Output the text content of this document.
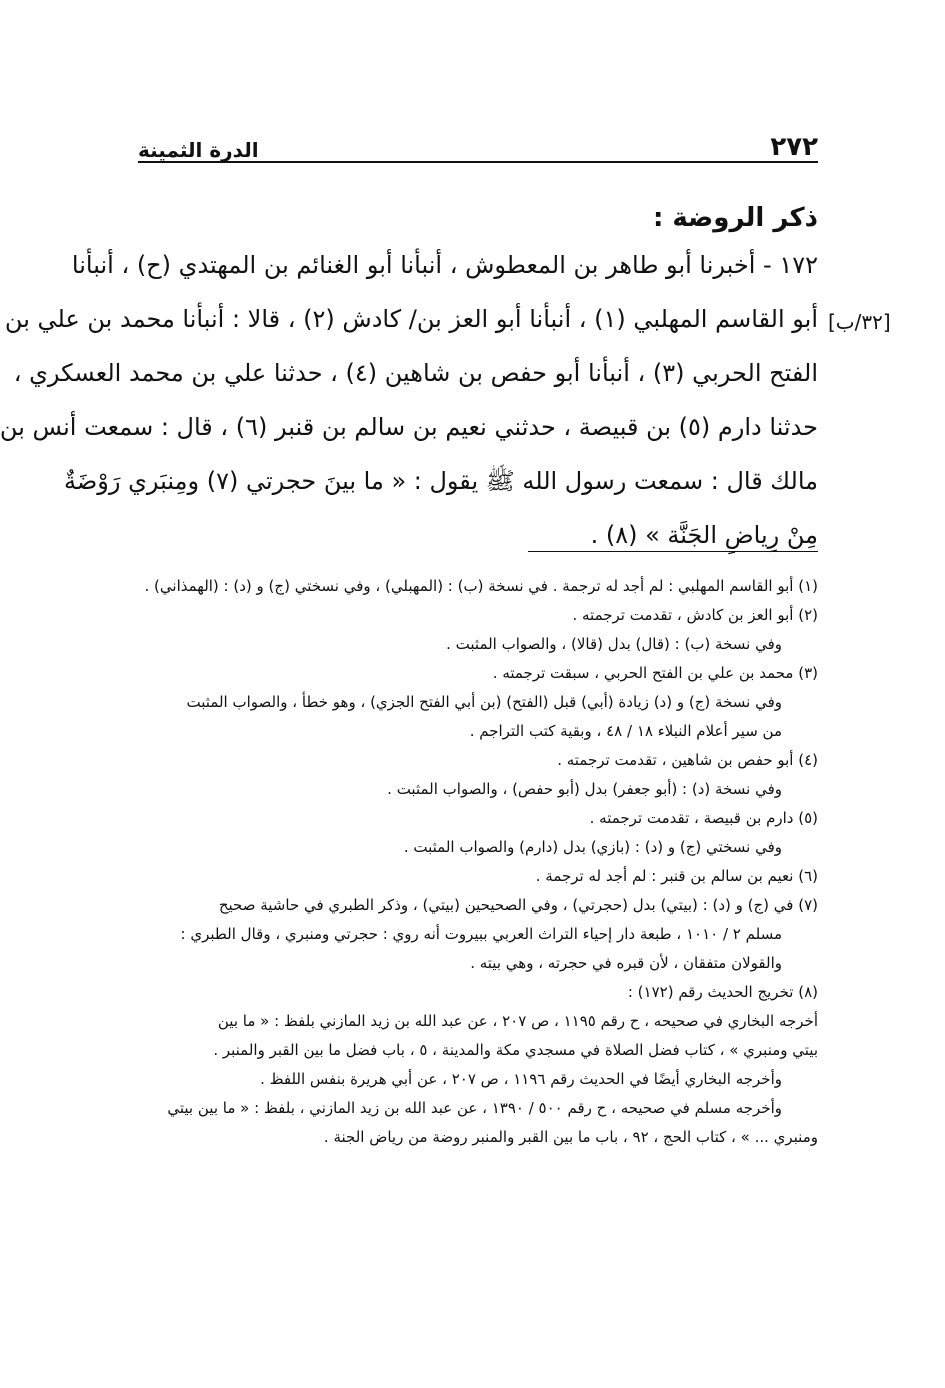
٢٧٢
الدرة الثمينة
[٣٢/ب]
ذكر الروضة :
١٧٢ - أخبرنا أبو طاهر بن المعطوش ، أنبأنا أبو الغنائم بن المهتدي (ح) ، أنبأنا
أبو القاسم المهلبي (١) ، أنبأنا أبو العز بن/ كادش (٢) ، قالا : أنبأنا محمد بن علي بن
الفتح الحربي (٣) ، أنبأنا أبو حفص بن شاهين (٤) ، حدثنا علي بن محمد العسكري ،
حدثنا دارم (٥) بن قبيصة ، حدثني نعيم بن سالم بن قنبر (٦) ، قال : سمعت أنس بن
مالك قال : سمعت رسول الله ﷺ يقول : « ما بينَ حجرتي (٧) ومِنبَري رَوْضَةٌ
مِنْ رِياضِ الجَنَّة » (٨) .
(١) أبو القاسم المهلبي : لم أجد له ترجمة . في نسخة (ب) : (المهبلي) ، وفي نسختي (ج) و (د) : (الهمذاني) .
(٢) أبو العز بن كادش ، تقدمت ترجمته .
وفي نسخة (ب) : (قال) بدل (قالا) ، والصواب المثبت .
(٣) محمد بن علي بن الفتح الحربي ، سبقت ترجمته .
وفي نسخة (ج) و (د) زيادة (أبي) قبل (الفتح) (بن أبي الفتح الجزي) ، وهو خطأ ، والصواب المثبت
من سير أعلام النبلاء ١٨ / ٤٨ ، وبقية كتب التراجم .
(٤) أبو حفص بن شاهين ، تقدمت ترجمته .
وفي نسخة (د) : (أبو جعفر) بدل (أبو حفص) ، والصواب المثبت .
(٥) دارم بن قبيصة ، تقدمت ترجمته .
وفي نسختي (ج) و (د) : (بازي) بدل (دارم) والصواب المثبت .
(٦) نعيم بن سالم بن قنبر : لم أجد له ترجمة .
(٧) في (ج) و (د) : (بيتي) بدل (حجرتي) ، وفي الصحيحين (بيتي) ، وذكر الطبري في حاشية صحيح
مسلم ٢ / ١٠١٠ ، طبعة دار إحياء التراث العربي ببيروت أنه روي : حجرتي ومنبري ، وقال الطبري :
والقولان متفقان ، لأن قبره في حجرته ، وهي بيته .
(٨) تخريج الحديث رقم (١٧٢) :
أخرجه البخاري في صحيحه ، ح رقم ١١٩٥ ، ص ٢٠٧ ، عن عبد الله بن زيد المازني بلفظ : « ما بين
بيتي ومنبري » ، كتاب فضل الصلاة في مسجدي مكة والمدينة ، ٥ ، باب فضل ما بين القبر والمنبر .
وأخرجه البخاري أيضًا في الحديث رقم ١١٩٦ ، ص ٢٠٧ ، عن أبي هريرة بنفس اللفظ .
وأخرجه مسلم في صحيحه ، ح رقم ٥٠٠ / ١٣٩٠ ، عن عبد الله بن زيد المازني ، بلفظ : « ما بين بيتي
ومنبري ... » ، كتاب الحج ، ٩٢ ، باب ما بين القبر والمنبر روضة من رياض الجنة .
